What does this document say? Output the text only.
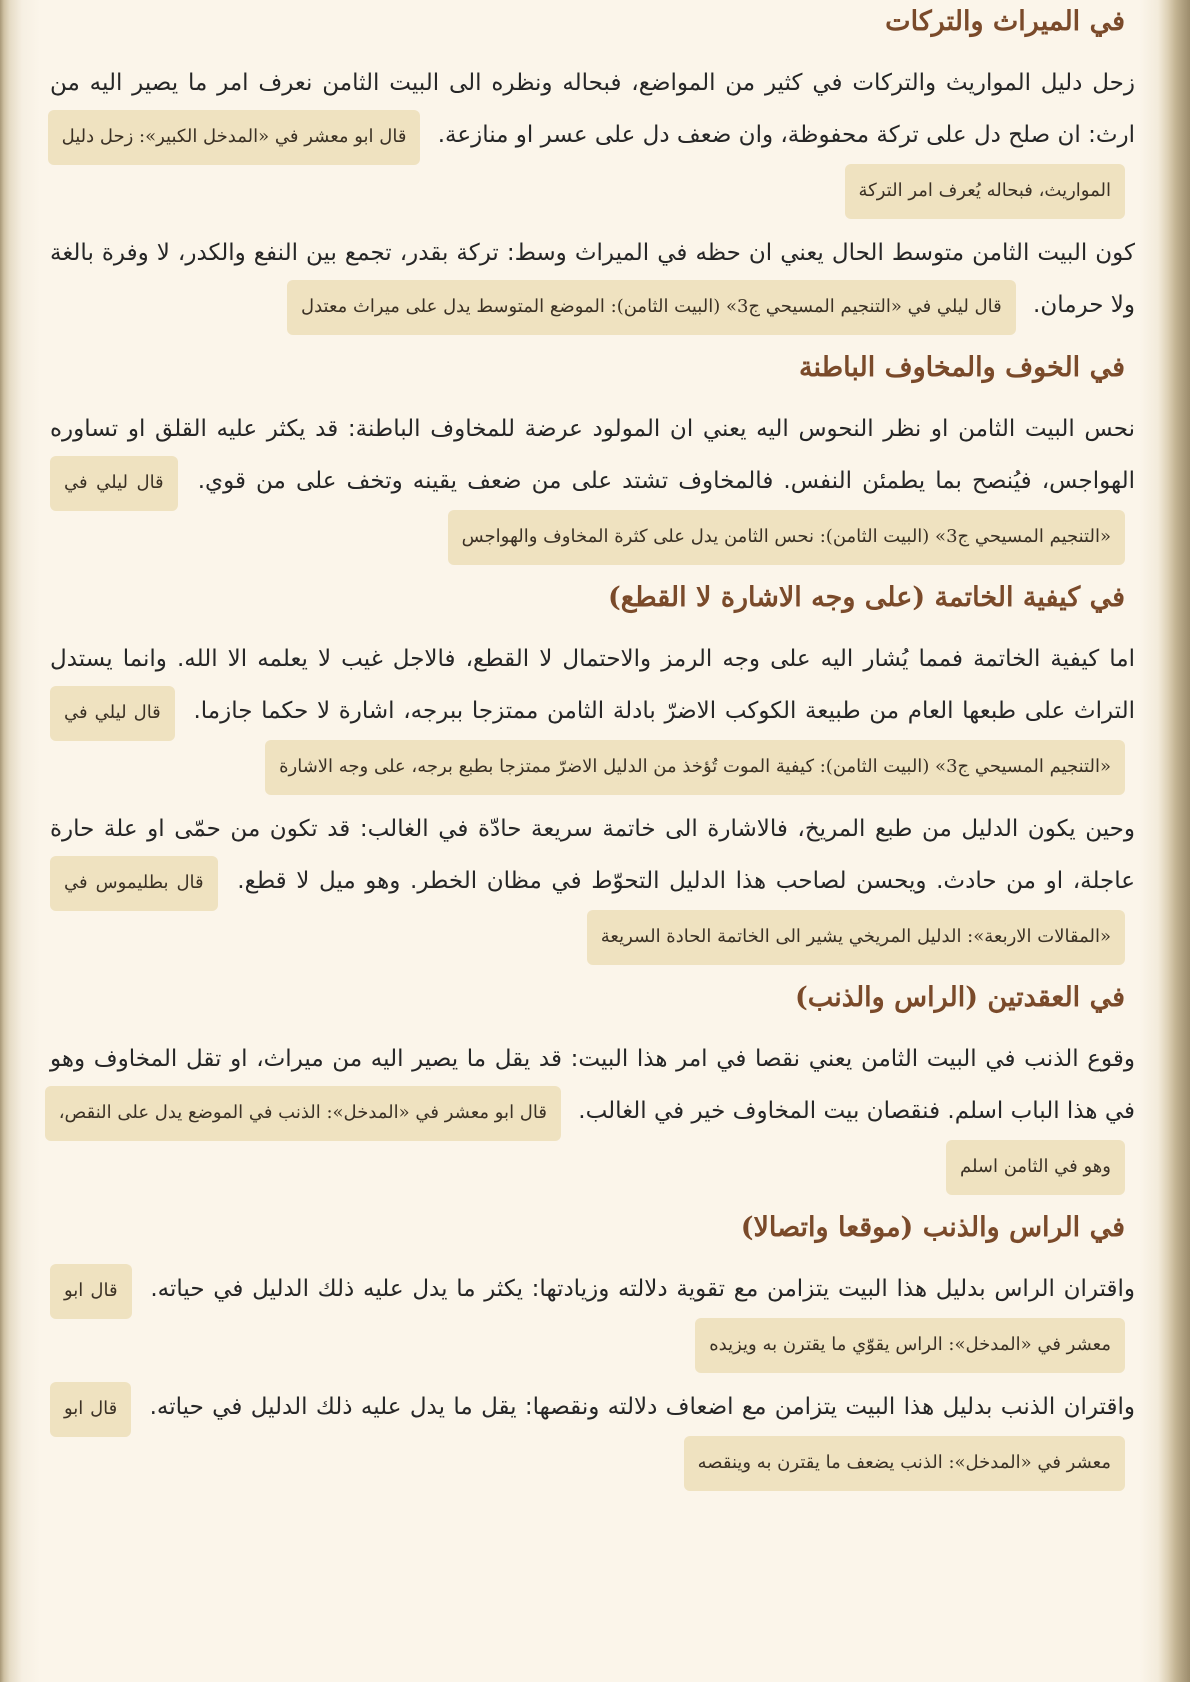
في الميراث والتركات

زحل دليل المواريث والتركات في كثير من المواضع، فبحاله ونظره الى البيت الثامن نعرف امر ما يصير اليه من ارث: ان صلح دل على تركة محفوظة، وان ضعف دل على عسر او منازعة. قال ابو معشر في «المدخل الكبير»: زحل دليل المواريث، فبحاله يُعرف امر التركة

كون البيت الثامن متوسط الحال يعني ان حظه في الميراث وسط: تركة بقدر، تجمع بين النفع والكدر، لا وفرة بالغة ولا حرمان. قال ليلي في «التنجيم المسيحي ج3» (البيت الثامن): الموضع المتوسط يدل على ميراث معتدل

في الخوف والمخاوف الباطنة

نحس البيت الثامن او نظر النحوس اليه يعني ان المولود عرضة للمخاوف الباطنة: قد يكثر عليه القلق او تساوره الهواجس، فيُنصح بما يطمئن النفس. فالمخاوف تشتد على من ضعف يقينه وتخف على من قوي. قال ليلي في «التنجيم المسيحي ج3» (البيت الثامن): نحس الثامن يدل على كثرة المخاوف والهواجس

في كيفية الخاتمة (على وجه الاشارة لا القطع)

اما كيفية الخاتمة فمما يُشار اليه على وجه الرمز والاحتمال لا القطع، فالاجل غيب لا يعلمه الا الله. وانما يستدل التراث على طبعها العام من طبيعة الكوكب الاضرّ بادلة الثامن ممتزجا ببرجه، اشارة لا حكما جازما. قال ليلي في «التنجيم المسيحي ج3» (البيت الثامن): كيفية الموت تُؤخذ من الدليل الاضرّ ممتزجا بطبع برجه، على وجه الاشارة

وحين يكون الدليل من طبع المريخ، فالاشارة الى خاتمة سريعة حادّة في الغالب: قد تكون من حمّى او علة حارة عاجلة، او من حادث. ويحسن لصاحب هذا الدليل التحوّط في مظان الخطر. وهو ميل لا قطع. قال بطليموس في «المقالات الاربعة»: الدليل المريخي يشير الى الخاتمة الحادة السريعة

في العقدتين (الراس والذنب)

وقوع الذنب في البيت الثامن يعني نقصا في امر هذا البيت: قد يقل ما يصير اليه من ميراث، او تقل المخاوف وهو في هذا الباب اسلم. فنقصان بيت المخاوف خير في الغالب. قال ابو معشر في «المدخل»: الذنب في الموضع يدل على النقص، وهو في الثامن اسلم

في الراس والذنب (موقعا واتصالا)

واقتران الراس بدليل هذا البيت يتزامن مع تقوية دلالته وزيادتها: يكثر ما يدل عليه ذلك الدليل في حياته. قال ابو معشر في «المدخل»: الراس يقوّي ما يقترن به ويزيده

واقتران الذنب بدليل هذا البيت يتزامن مع اضعاف دلالته ونقصها: يقل ما يدل عليه ذلك الدليل في حياته. قال ابو معشر في «المدخل»: الذنب يضعف ما يقترن به وينقصه
